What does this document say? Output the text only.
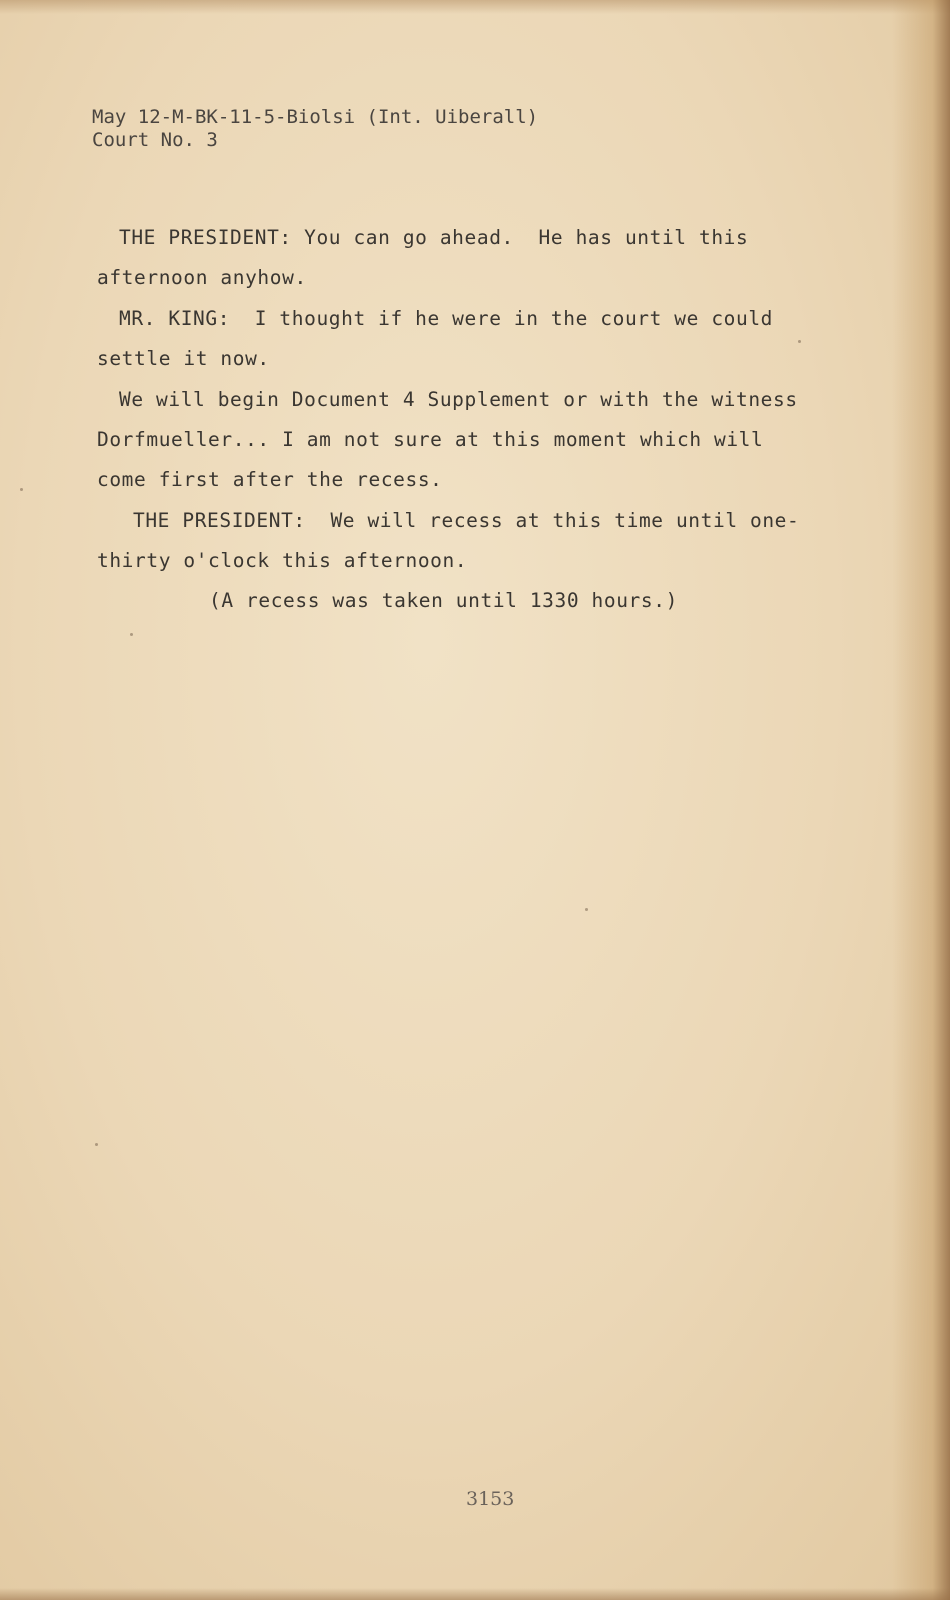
May 12-M-BK-11-5-Biolsi (Int. Uiberall)
Court No. 3
THE PRESIDENT: You can go ahead.  He has until this
afternoon anyhow.
MR. KING:  I thought if he were in the court we could
settle it now.
We will begin Document 4 Supplement or with the witness
Dorfmueller... I am not sure at this moment which will
come first after the recess.
THE PRESIDENT:  We will recess at this time until one-
thirty o'clock this afternoon.
(A recess was taken until 1330 hours.)
3153
